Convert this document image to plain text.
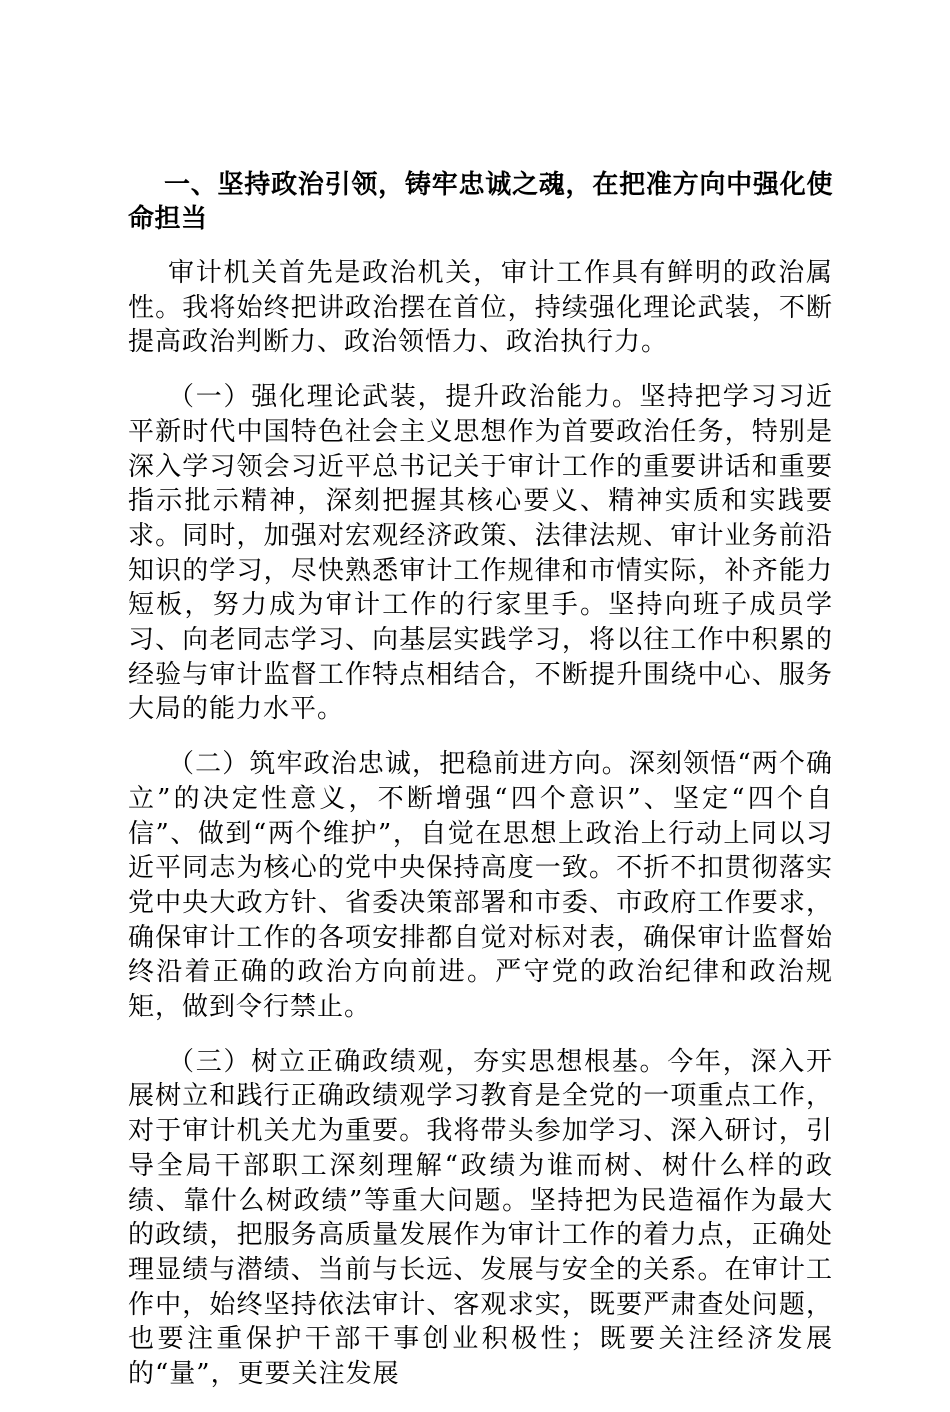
一、坚持政治引领，铸牢忠诚之魂，在把准方向中强化使命担当

审计机关首先是政治机关，审计工作具有鲜明的政治属性。我将始终把讲政治摆在首位，持续强化理论武装，不断提高政治判断力、政治领悟力、政治执行力。

（一）强化理论武装，提升政治能力。坚持把学习习近平新时代中国特色社会主义思想作为首要政治任务，特别是深入学习领会习近平总书记关于审计工作的重要讲话和重要指示批示精神，深刻把握其核心要义、精神实质和实践要求。同时，加强对宏观经济政策、法律法规、审计业务前沿知识的学习，尽快熟悉审计工作规律和市情实际，补齐能力短板，努力成为审计工作的行家里手。坚持向班子成员学习、向老同志学习、向基层实践学习，将以往工作中积累的经验与审计监督工作特点相结合，不断提升围绕中心、服务大局的能力水平。

（二）筑牢政治忠诚，把稳前进方向。深刻领悟“两个确立”的决定性意义，不断增强“四个意识”、坚定“四个自信”、做到“两个维护”，自觉在思想上政治上行动上同以习近平同志为核心的党中央保持高度一致。不折不扣贯彻落实党中央大政方针、省委决策部署和市委、市政府工作要求，确保审计工作的各项安排都自觉对标对表，确保审计监督始终沿着正确的政治方向前进。严守党的政治纪律和政治规矩，做到令行禁止。

（三）树立正确政绩观，夯实思想根基。今年，深入开展树立和践行正确政绩观学习教育是全党的一项重点工作，对于审计机关尤为重要。我将带头参加学习、深入研讨，引导全局干部职工深刻理解“政绩为谁而树、树什么样的政绩、靠什么树政绩”等重大问题。坚持把为民造福作为最大的政绩，把服务高质量发展作为审计工作的着力点，正确处理显绩与潜绩、当前与长远、发展与安全的关系。在审计工作中，始终坚持依法审计、客观求实，既要严肃查处问题，也要注重保护干部干事创业积极性；既要关注经济发展的“量”，更要关注发展
